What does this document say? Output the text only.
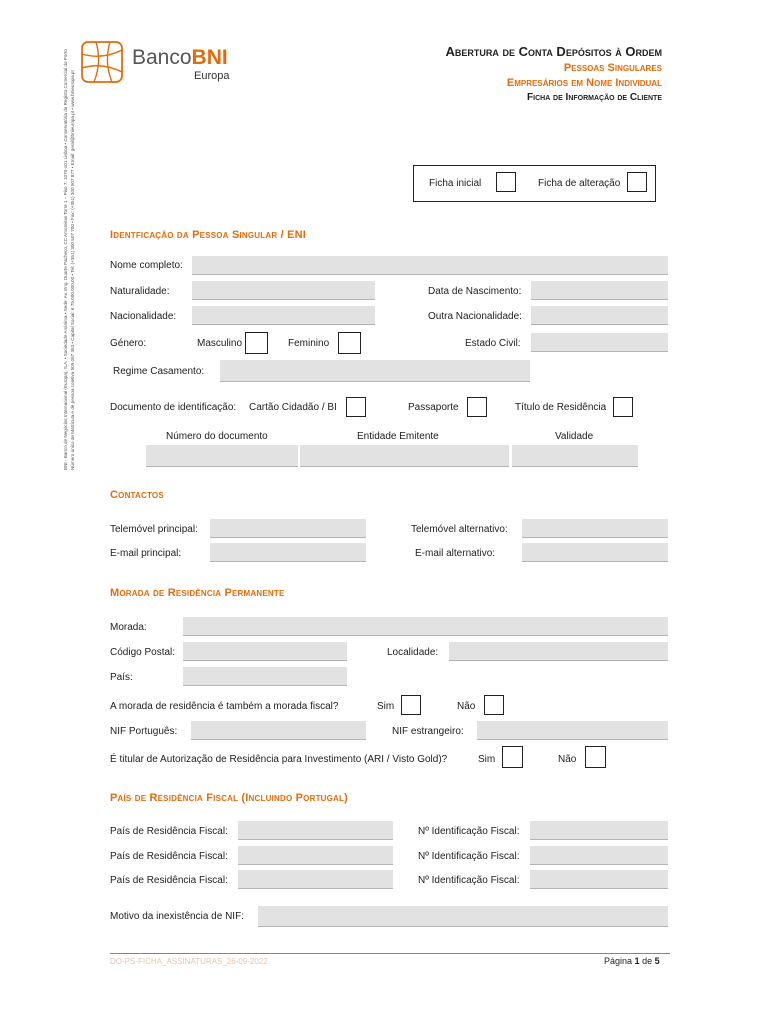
BancoBNI
Europa
Abertura de Conta Depósitos à Ordem
Pessoas Singulares
Empresários em Nome Individual
Ficha de Informação de Cliente
Ficha inicial	Ficha de alteração
BNI - Banco de Negócios Internacional (Europa), S.A. • Sociedade Anónima • Sede: Av. Eng. Duarte Pacheco, CC Amoreiras Torre 1 – Piso 7, 1070-101 Lisboa • Conservatória do Registo Comercial do Porto Número único de Matrícula e de pessoa coletiva 509 087 353 • Capital Social: € 75.000.000,00 • Tel: (+351) 300 507 700 • Fax: (+351) 300 507 877 • Email: geral@bnieuropa.pt • www.bnieuropa.pt	Identficação da Pessoa Singular / ENI
Nome completo:
Naturalidade:	Data de Nascimento:
Nacionalidade:	Outra Nacionalidade:
Género:	Masculino	Feminino	Estado Civil:
Regime Casamento:
Documento de identificação: Cartão Cidadão / BI	Passaporte	Título de Residência
Número do documento	Entidade Emitente	Validade
Contactos
Telemóvel principal:	Telemóvel alternativo:
E-mail principal:	E-mail alternativo:
Morada de Residência Permanente
Morada:
Código Postal:	Localidade:
País:
A morada de residência é também a morada fiscal?	Sim	Não
NIF Português:	NIF estrangeiro:
É titular de Autorização de Residência para Investimento (ARI / Visto Gold)?	Sim	Não
País de Residência Fiscal (Incluindo Portugal)
País de Residência Fiscal:	Nº Identificação Fiscal:
País de Residência Fiscal:	Nº Identificação Fiscal:
País de Residência Fiscal:	Nº Identificação Fiscal:
Motivo da inexistência de NIF:
DO-PS-FICHA_ASSINATURAS_26-09-2022	Página 1 de 5
